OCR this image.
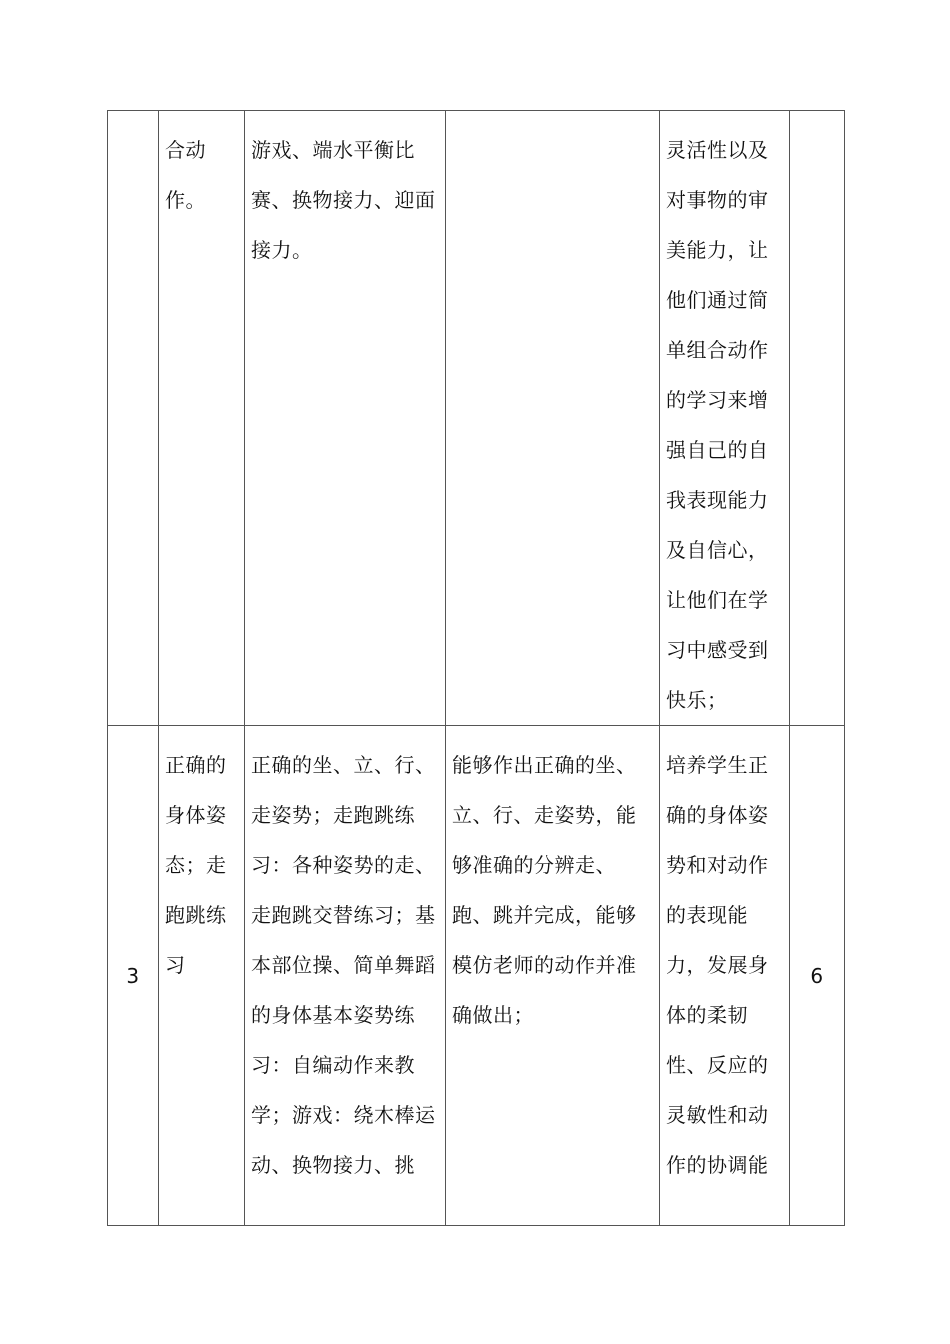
	合动作。	游戏、端水平衡比赛、换物接力、迎面接力。		灵活性以及对事物的审美能力，让他们通过简单组合动作的学习来增强自己的自我表现能力及自信心，让他们在学习中感受到快乐；	

3	正确的身体姿态；走跑跳练习	正确的坐、立、行、走姿势；走跑跳练习：各种姿势的走、走跑跳交替练习；基本部位操、简单舞蹈的身体基本姿势练习：自编动作来教学；游戏：绕木棒运动、换物接力、挑	能够作出正确的坐、立、行、走姿势，能够准确的分辨走、跑、跳并完成，能够模仿老师的动作并准确做出；	培养学生正确的身体姿势和对动作的表现能力，发展身体的柔韧性、反应的灵敏性和动作的协调能	6
